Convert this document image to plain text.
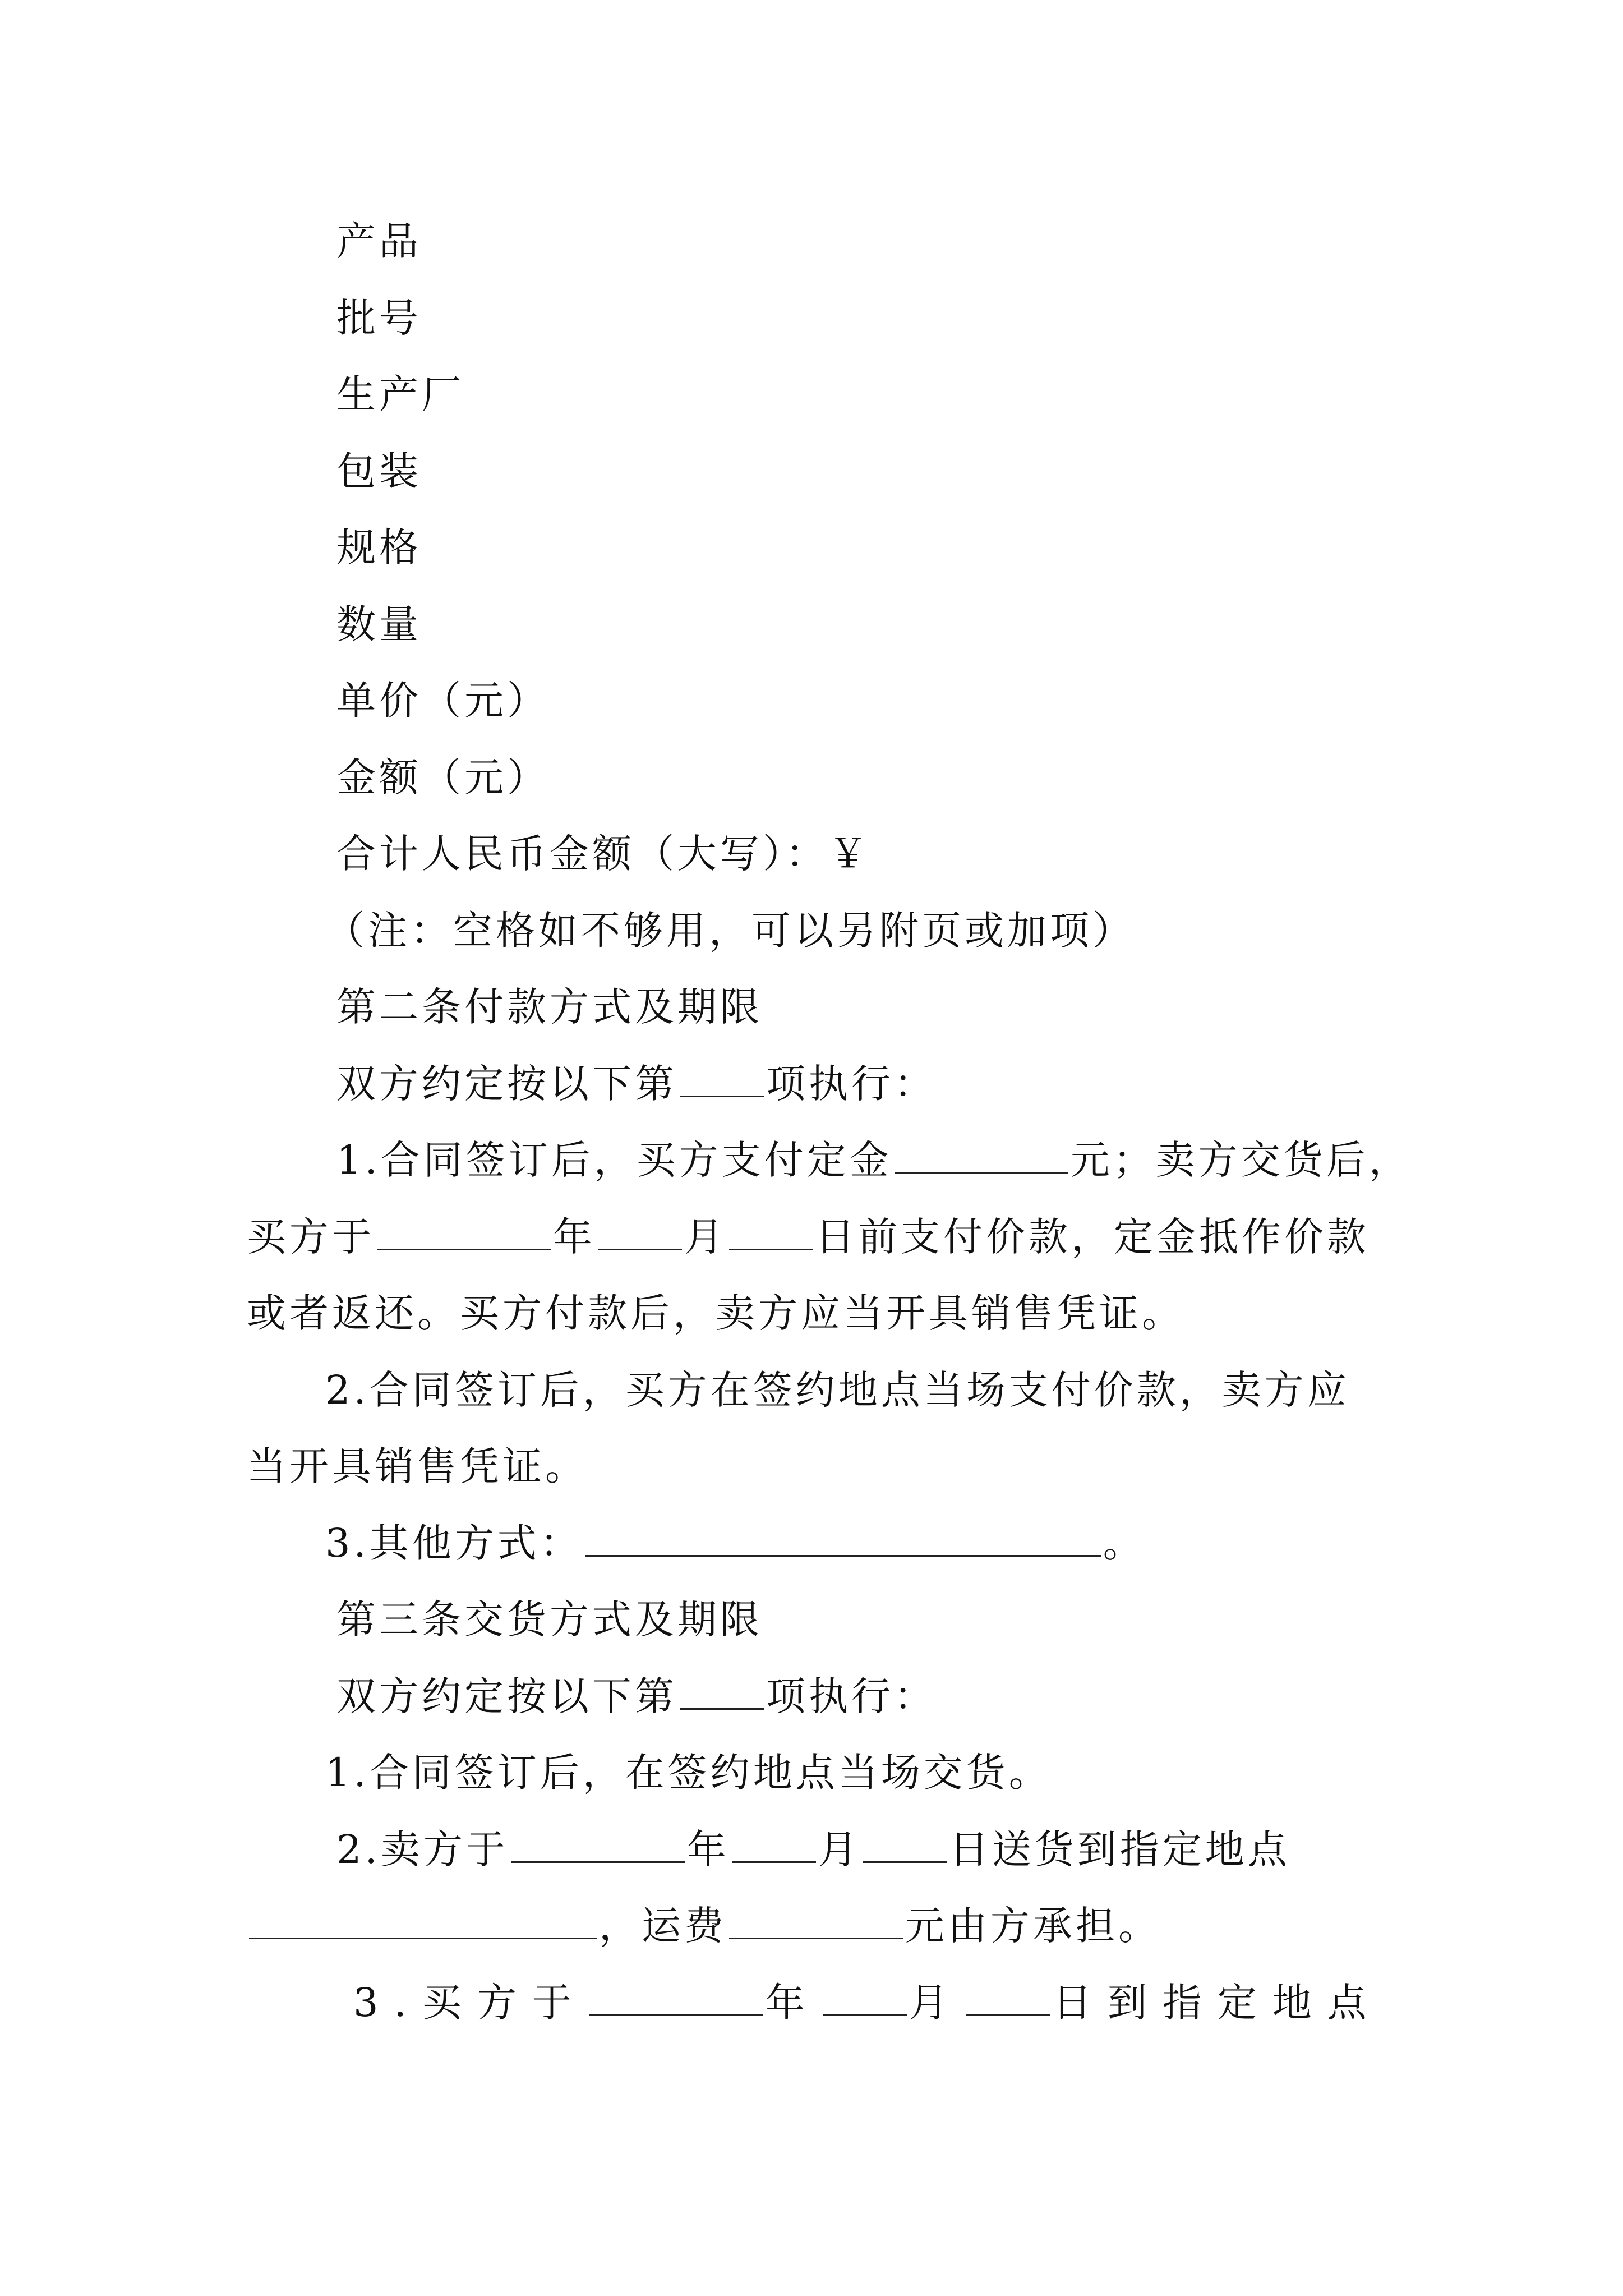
产品
批号
生产厂
包装
规格
数量
单价（元）
金额（元）
合计人民币金额（大写）：￥
（注：空格如不够用，可以另附页或加项）
第二条付款方式及期限
双方约定按以下第 项执行：
1.合同签订后，买方支付定金	元；卖方交货后，
买方于	年 月 日前支付价款，定金抵作价款
或者返还。买方付款后，卖方应当开具销售凭证。
2.合同签订后，买方在签约地点当场支付价款，卖方应
当开具销售凭证。
3.其他方式：	。
第三条交货方式及期限
双方约定按以下第 项执行：
1.合同签订后，在签约地点当场交货。
2.卖方于	年 月 日送货到指定地点
，运费	元由方承担。
3.买方于	年 月 日到指定地点
